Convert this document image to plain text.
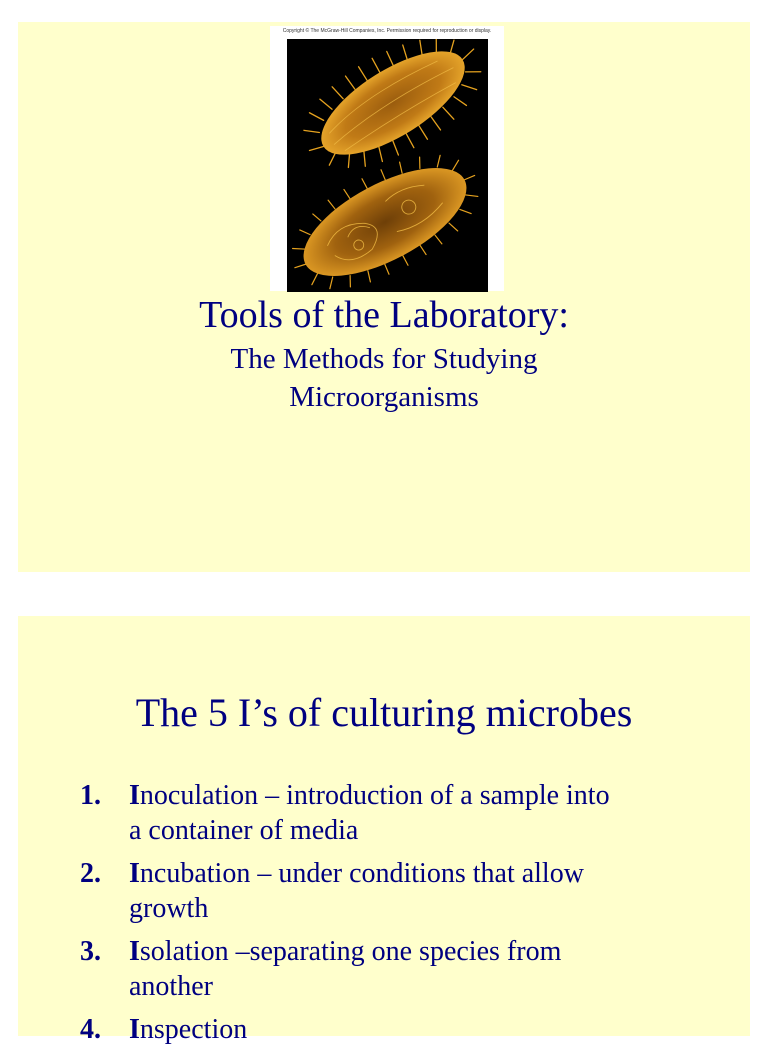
Copyright © The McGraw-Hill Companies, Inc. Permission required for reproduction or display.
Tools of the Laboratory:
The Methods for Studying
Microorganisms
The 5 I’s of culturing microbes
1. Inoculation – introduction of a sample into
a container of media
2. Incubation – under conditions that allow
growth
3. Isolation –separating one species from
another
4. Inspection
